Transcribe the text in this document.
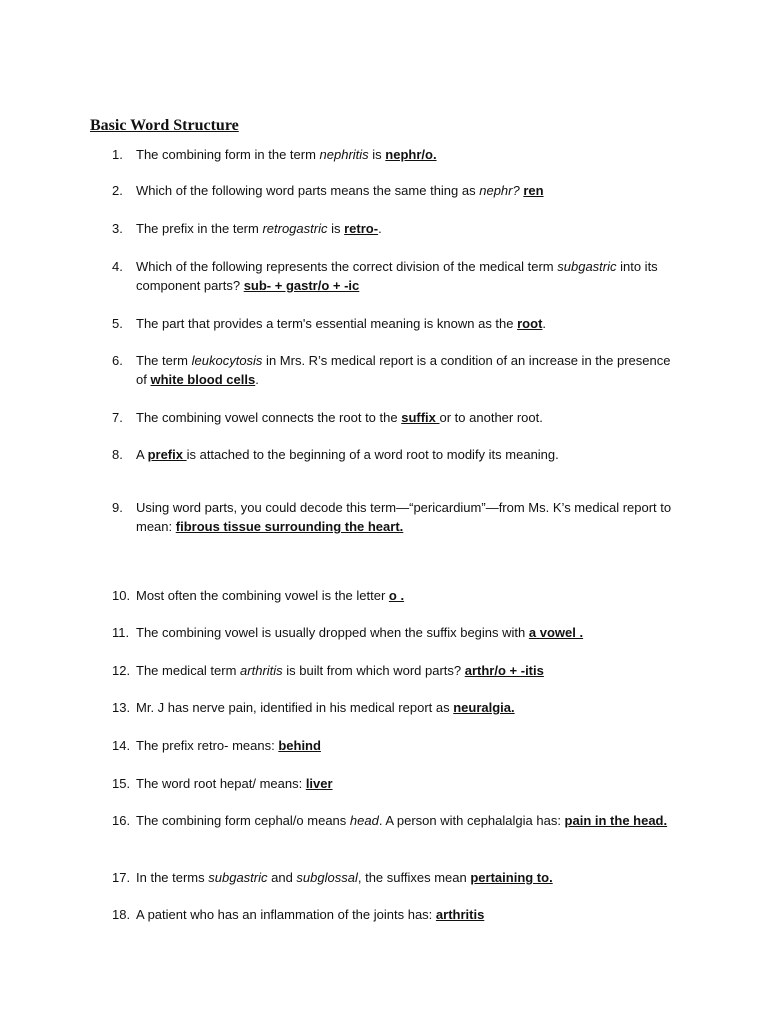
Basic Word Structure
1. The combining form in the term nephritis is nephr/o.
2. Which of the following word parts means the same thing as nephr? ren
3. The prefix in the term retrogastric is retro-.
4. Which of the following represents the correct division of the medical term subgastric into its component parts? sub- + gastr/o + -ic
5. The part that provides a term's essential meaning is known as the root.
6. The term leukocytosis in Mrs. R’s medical report is a condition of an increase in the presence of white blood cells.
7. The combining vowel connects the root to the suffix or to another root.
8. A prefix is attached to the beginning of a word root to modify its meaning.
9. Using word parts, you could decode this term—“pericardium”—from Ms. K’s medical report to mean: fibrous tissue surrounding the heart.
10. Most often the combining vowel is the letter o .
11. The combining vowel is usually dropped when the suffix begins with a vowel .
12. The medical term arthritis is built from which word parts? arthr/o + -itis
13. Mr. J has nerve pain, identified in his medical report as neuralgia.
14. The prefix retro- means: behind
15. The word root hepat/ means: liver
16. The combining form cephal/o means head. A person with cephalalgia has: pain in the head.
17. In the terms subgastric and subglossal, the suffixes mean pertaining to.
18. A patient who has an inflammation of the joints has: arthritis
